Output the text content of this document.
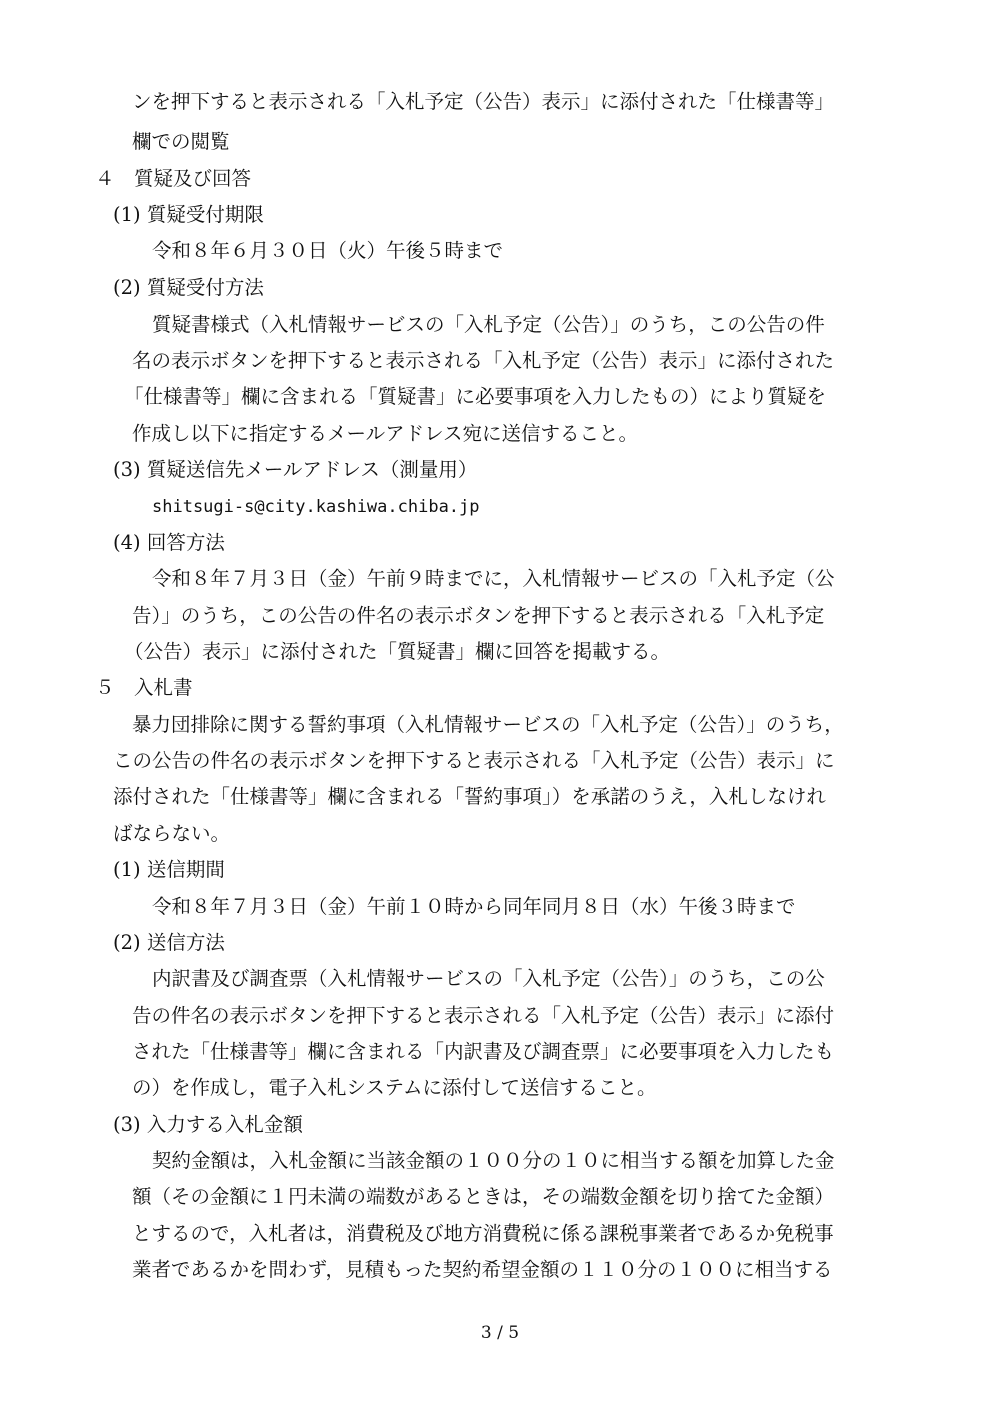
ンを押下すると表示される「入札予定（公告）表示」に添付された「仕様書等」
欄での閲覧
４　質疑及び回答
(1) 質疑受付期限
令和８年６月３０日（火）午後５時まで
(2) 質疑受付方法
質疑書様式（入札情報サービスの「入札予定（公告）」のうち，この公告の件
名の表示ボタンを押下すると表示される「入札予定（公告）表示」に添付された
「仕様書等」欄に含まれる「質疑書」に必要事項を入力したもの）により質疑を
作成し以下に指定するメールアドレス宛に送信すること。
(3) 質疑送信先メールアドレス（測量用）
shitsugi-s@city.kashiwa.chiba.jp
(4) 回答方法
令和８年７月３日（金）午前９時までに，入札情報サービスの「入札予定（公
告）」のうち，この公告の件名の表示ボタンを押下すると表示される「入札予定
（公告）表示」に添付された「質疑書」欄に回答を掲載する。
５　入札書
暴力団排除に関する誓約事項（入札情報サービスの「入札予定（公告）」のうち，
この公告の件名の表示ボタンを押下すると表示される「入札予定（公告）表示」に
添付された「仕様書等」欄に含まれる「誓約事項」）を承諾のうえ，入札しなけれ
ばならない。
(1) 送信期間
令和８年７月３日（金）午前１０時から同年同月８日（水）午後３時まで
(2) 送信方法
内訳書及び調査票（入札情報サービスの「入札予定（公告）」のうち，この公
告の件名の表示ボタンを押下すると表示される「入札予定（公告）表示」に添付
された「仕様書等」欄に含まれる「内訳書及び調査票」に必要事項を入力したも
の）を作成し，電子入札システムに添付して送信すること。
(3) 入力する入札金額
契約金額は，入札金額に当該金額の１００分の１０に相当する額を加算した金
額（その金額に１円未満の端数があるときは，その端数金額を切り捨てた金額）
とするので，入札者は，消費税及び地方消費税に係る課税事業者であるか免税事
業者であるかを問わず，見積もった契約希望金額の１１０分の１００に相当する
3 / 5
